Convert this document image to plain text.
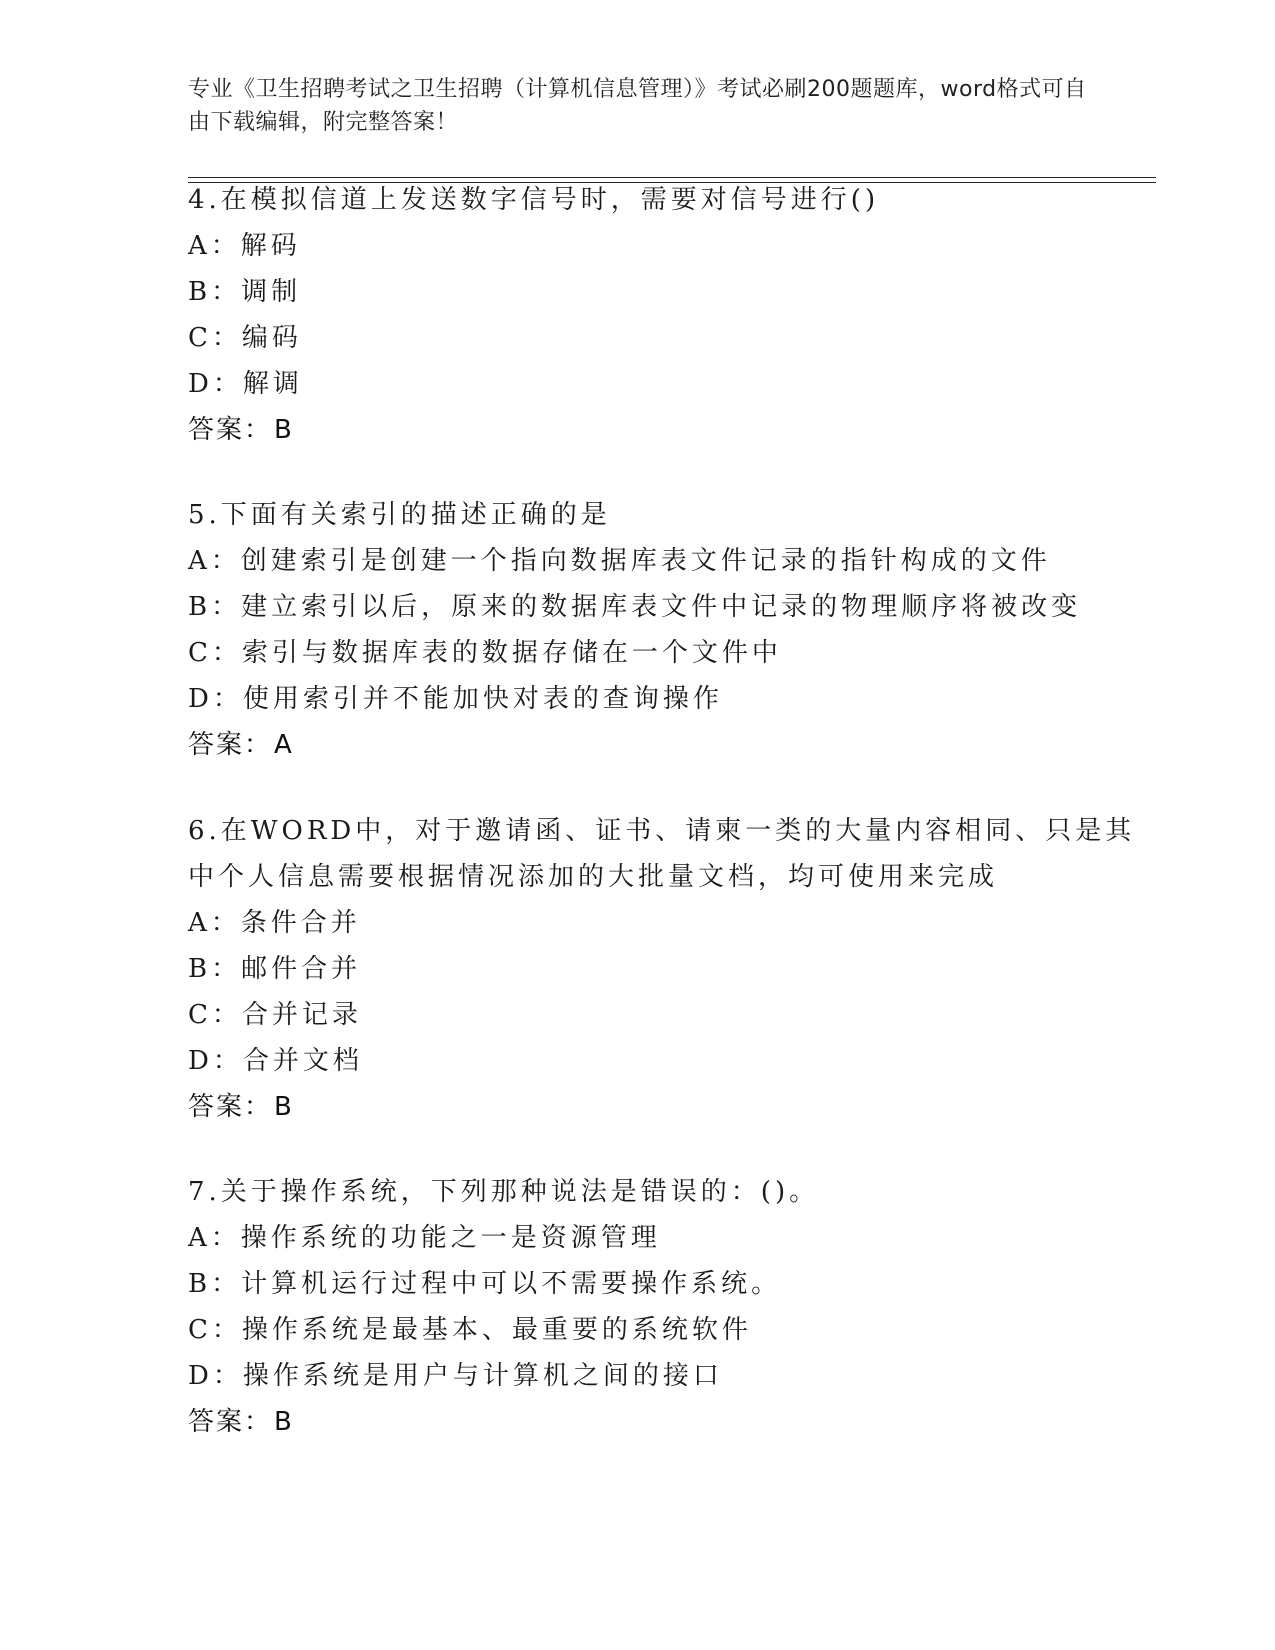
专业《卫生招聘考试之卫生招聘（计算机信息管理）》考试必刷200题题库，word格式可自由下载编辑，附完整答案！

4.在模拟信道上发送数字信号时，需要对信号进行()

A：解码

B：调制

C：编码

D：解调

答案：B

5.下面有关索引的描述正确的是

A：创建索引是创建一个指向数据库表文件记录的指针构成的文件

B：建立索引以后，原来的数据库表文件中记录的物理顺序将被改变

C：索引与数据库表的数据存储在一个文件中

D：使用索引并不能加快对表的查询操作

答案：A

6.在WORD中，对于邀请函、证书、请柬一类的大量内容相同、只是其中个人信息需要根据情况添加的大批量文档，均可使用来完成

A：条件合并

B：邮件合并

C：合并记录

D：合并文档

答案：B

7.关于操作系统，下列那种说法是错误的：()。

A：操作系统的功能之一是资源管理

B：计算机运行过程中可以不需要操作系统。

C：操作系统是最基本、最重要的系统软件

D：操作系统是用户与计算机之间的接口

答案：B
